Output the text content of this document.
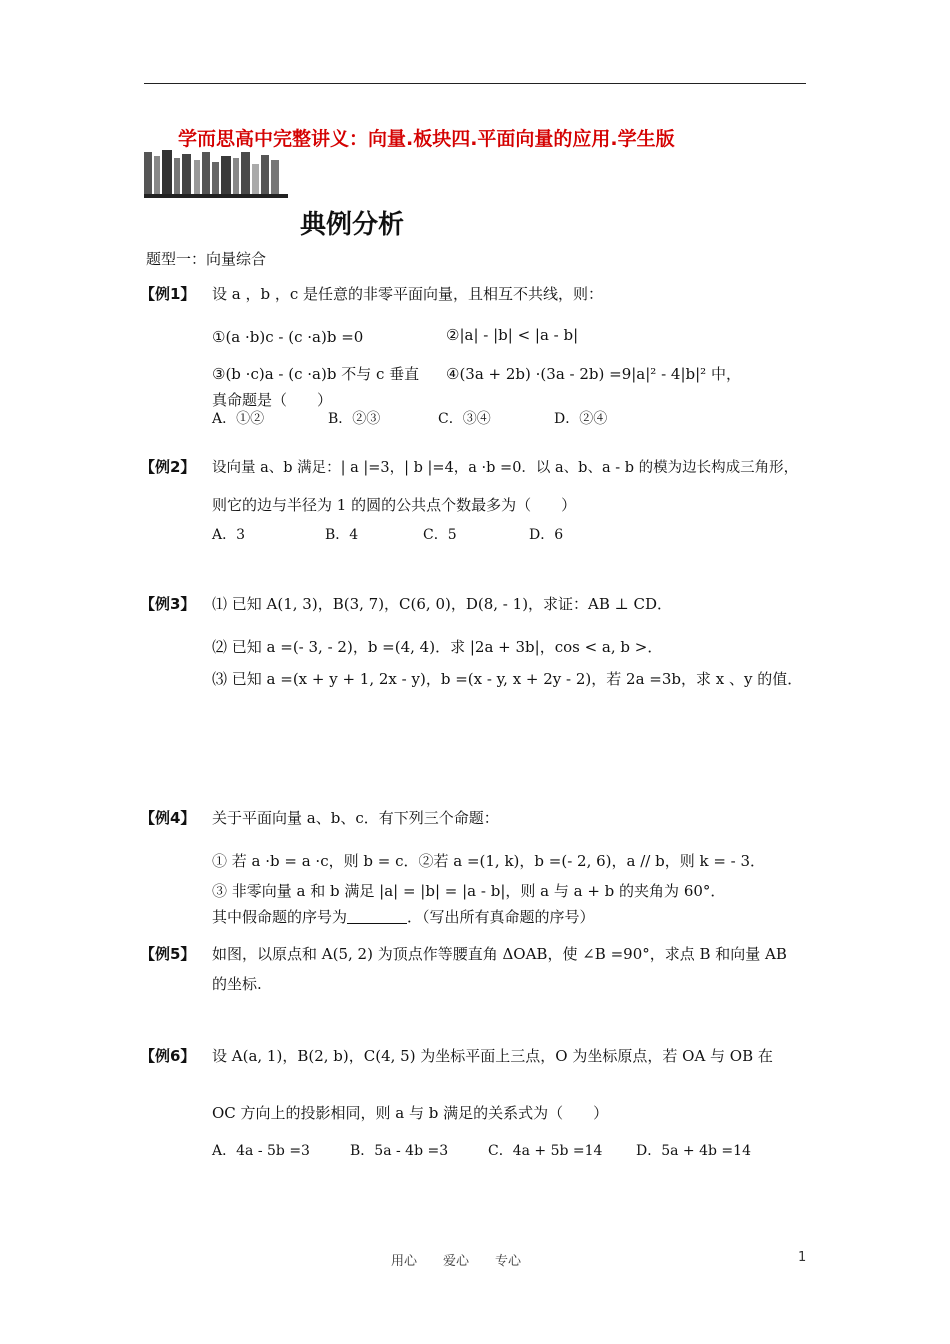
学而思高中完整讲义：向量.板块四.平面向量的应用.学生版
典例分析
题型一：向量综合
【例1】 设 a ，b ，c 是任意的非零平面向量，且相互不共线，则：
①(a ·b)c - (c ·a)b =0	②|a| - |b| < |a - b|
③(b ·c)a - (c ·a)b 不与 c 垂直 ④(3a + 2b) ·(3a - 2b) =9|a|² - 4|b|² 中，
真命题是（　　）
A．①②	B．②③	C．③④	D．②④
【例2】 设向量 a、b 满足：| a |=3，| b |=4，a ·b =0．以 a、b、a - b 的模为边长构成三角形，
则它的边与半径为 1 的圆的公共点个数最多为（　　）
A．3	B．4	C．5	D．6
【例3】 ⑴ 已知 A(1, 3)，B(3, 7)，C(6, 0)，D(8, - 1)，求证：AB ⊥ CD．
⑵ 已知 a =(- 3, - 2)，b =(4, 4)．求 |2a + 3b|，cos < a, b >．
⑶ 已知 a =(x + y + 1, 2x - y)，b =(x - y, x + 2y - 2)，若 2a =3b，求 x 、y 的值．
【例4】 关于平面向量 a、b、c．有下列三个命题：
① 若 a ·b = a ·c，则 b = c．②若 a =(1, k)，b =(- 2, 6)，a // b，则 k = - 3．
③ 非零向量 a 和 b 满足 |a| = |b| = |a - b|，则 a 与 a + b 的夹角为 60°．
其中假命题的序号为	．（写出所有真命题的序号）
【例5】 如图，以原点和 A(5, 2) 为顶点作等腰直角 ΔOAB，使 ∠B =90°，求点 B 和向量 AB
的坐标.
【例6】 设 A(a, 1)，B(2, b)，C(4, 5) 为坐标平面上三点，O 为坐标原点，若 OA 与 OB 在
OC 方向上的投影相同，则 a 与 b 满足的关系式为（　　）
A．4a - 5b =3	B．5a - 4b =3	C．4a + 5b =14 D．5a + 4b =14
用心　　爱心　　专心	1
